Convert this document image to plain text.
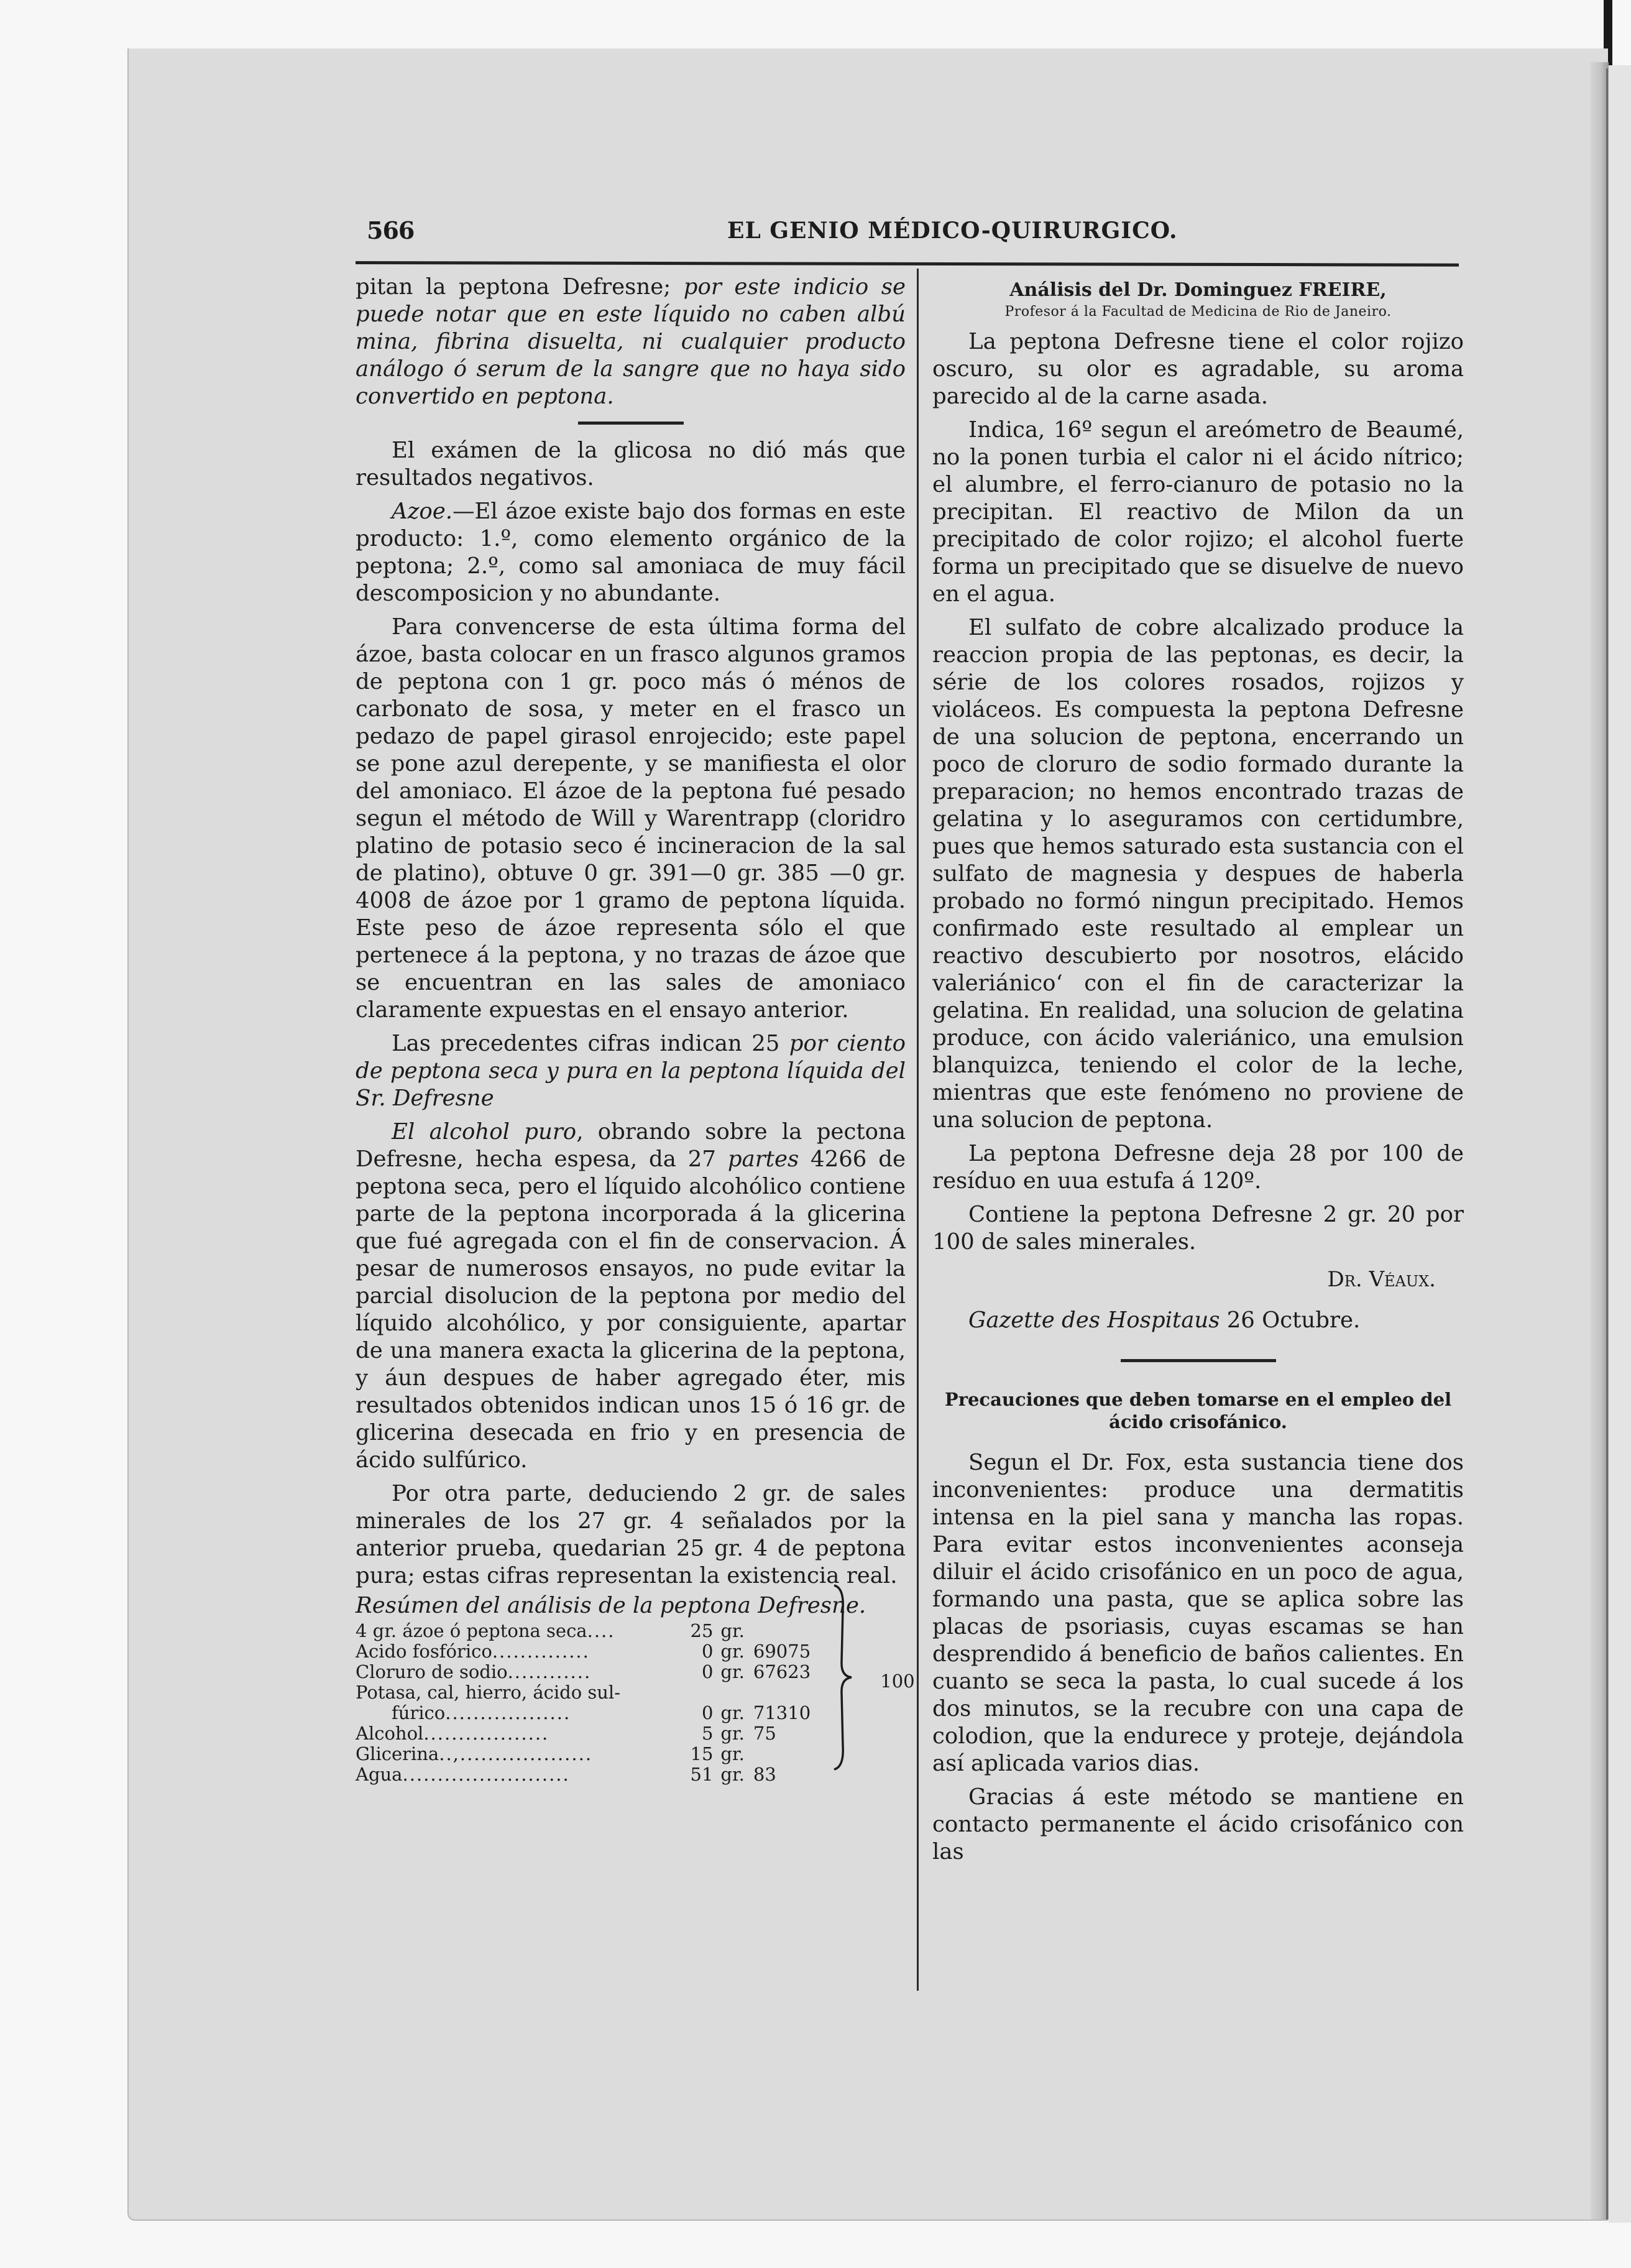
566	EL GENIO MÉDICO-QUIRURGICO.

pitan la peptona Defresne; por este indicio se puede notar que en este líquido no caben albú mina, fibrina disuelta, ni cualquier producto análogo ó serum de la sangre que no haya sido convertido en peptona.

El exámen de la glicosa no dió más que resultados negativos.

Azoe.—El ázoe existe bajo dos formas en este producto: 1.º, como elemento orgánico de la peptona; 2.º, como sal amoniaca de muy fácil descomposicion y no abundante.

Para convencerse de esta última forma del ázoe, basta colocar en un frasco algunos gramos de peptona con 1 gr. poco más ó ménos de carbonato de sosa, y meter en el frasco un pedazo de papel girasol enrojecido; este papel se pone azul derepente, y se manifiesta el olor del amoniaco. El ázoe de la peptona fué pesado segun el método de Will y Warentrapp (cloridro platino de potasio seco é incineracion de la sal de platino), obtuve 0 gr. 391—0 gr. 385 —0 gr. 4008 de ázoe por 1 gramo de peptona líquida. Este peso de ázoe representa sólo el que pertenece á la peptona, y no trazas de ázoe que se encuentran en las sales de amoniaco claramente expuestas en el ensayo anterior.

Las precedentes cifras indican 25 por ciento de peptona seca y pura en la peptona líquida del Sr. Defresne

El alcohol puro, obrando sobre la pectona Defresne, hecha espesa, da 27 partes 4266 de peptona seca, pero el líquido alcohólico contiene parte de la peptona incorporada á la glicerina que fué agregada con el fin de conservacion. Á pesar de numerosos ensayos, no pude evitar la parcial disolucion de la peptona por medio del líquido alcohólico, y por consiguiente, apartar de una manera exacta la glicerina de la peptona, y áun despues de haber agregado éter, mis resultados obtenidos indican unos 15 ó 16 gr. de glicerina desecada en frio y en presencia de ácido sulfúrico.

Por otra parte, deduciendo 2 gr. de sales minerales de los 27 gr. 4 señalados por la anterior prueba, quedarian 25 gr. 4 de peptona pura; estas cifras representan la existencia real.

Resúmen del análisis de la peptona Defresne.

4 gr. ázoe ó peptona seca....	25 gr.	
Acido fosfórico..............	0 gr. 69075	
Cloruro de sodio............	0 gr. 67623	
Potasa, cal, hierro, ácido sul-		
fúrico..................	0 gr. 71310	
Alcohol..................	5 gr. 75	
Glicerina..,...................	15 gr.	
Agua........................	51 gr. 83	100

Análisis del Dr. Dominguez FREIRE,

Profesor á la Facultad de Medicina de Rio de Janeiro.

La peptona Defresne tiene el color rojizo oscuro, su olor es agradable, su aroma parecido al de la carne asada.

Indica, 16º segun el areómetro de Beaumé, no la ponen turbia el calor ni el ácido nítrico; el alumbre, el ferro-cianuro de potasio no la precipitan. El reactivo de Milon da un precipitado de color rojizo; el alcohol fuerte forma un precipitado que se disuelve de nuevo en el agua.

El sulfato de cobre alcalizado produce la reaccion propia de las peptonas, es decir, la série de los colores rosados, rojizos y violáceos. Es compuesta la peptona Defresne de una solucion de peptona, encerrando un poco de cloruro de sodio formado durante la preparacion; no hemos encontrado trazas de gelatina y lo aseguramos con certidumbre, pues que hemos saturado esta sustancia con el sulfato de magnesia y despues de haberla probado no formó ningun precipitado. Hemos confirmado este resultado al emplear un reactivo descubierto por nosotros, elácido valeriánico‘ con el fin de caracterizar la gelatina. En realidad, una solucion de gelatina produce, con ácido valeriánico, una emulsion blanquizca, teniendo el color de la leche, mientras que este fenómeno no proviene de una solucion de peptona.

La peptona Defresne deja 28 por 100 de resíduo en uua estufa á 120º.

Contiene la peptona Defresne 2 gr. 20 por 100 de sales minerales.

Dr. Véaux.

Gazette des Hospitaus 26 Octubre.

Precauciones que deben tomarse en el empleo del ácido crisofánico.

Segun el Dr. Fox, esta sustancia tiene dos inconvenientes: produce una dermatitis intensa en la piel sana y mancha las ropas. Para evitar estos inconvenientes aconseja diluir el ácido crisofánico en un poco de agua, formando una pasta, que se aplica sobre las placas de psoriasis, cuyas escamas se han desprendido á beneficio de baños calientes. En cuanto se seca la pasta, lo cual sucede á los dos minutos, se la recubre con una capa de colodion, que la endurece y proteje, dejándola así aplicada varios dias.

Gracias á este método se mantiene en contacto permanente el ácido crisofánico con las
